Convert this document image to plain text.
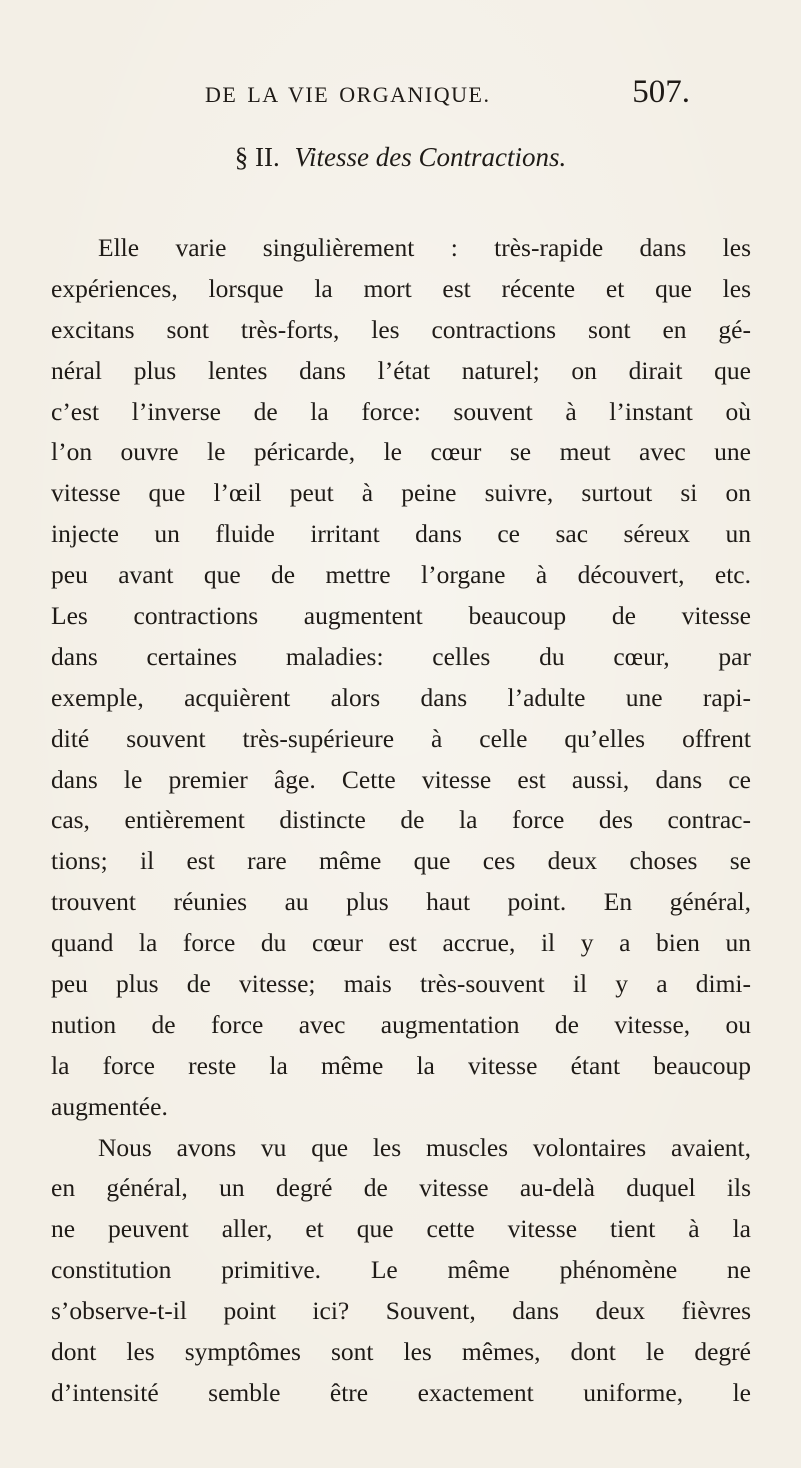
DE LA VIE ORGANIQUE.	507.
§ II. Vitesse des Contractions.
Elle varie singulièrement : très-rapide dans les
expériences, lorsque la mort est récente et que les
excitans sont très-forts, les contractions sont en gé-
néral plus lentes dans l’état naturel; on dirait que
c’est l’inverse de la force: souvent à l’instant où
l’on ouvre le péricarde, le cœur se meut avec une
vitesse que l’œil peut à peine suivre, surtout si on
injecte un fluide irritant dans ce sac séreux un
peu avant que de mettre l’organe à découvert, etc.
Les contractions augmentent beaucoup de vitesse
dans certaines maladies: celles du cœur, par
exemple, acquièrent alors dans l’adulte une rapi-
dité souvent très-supérieure à celle qu’elles offrent
dans le premier âge. Cette vitesse est aussi, dans ce
cas, entièrement distincte de la force des contrac-
tions; il est rare même que ces deux choses se
trouvent réunies au plus haut point. En général,
quand la force du cœur est accrue, il y a bien un
peu plus de vitesse; mais très-souvent il y a dimi-
nution de force avec augmentation de vitesse, ou
la force reste la même la vitesse étant beaucoup
augmentée.
Nous avons vu que les muscles volontaires avaient,
en général, un degré de vitesse au-delà duquel ils
ne peuvent aller, et que cette vitesse tient à la
constitution primitive. Le même phénomène ne
s’observe-t-il point ici? Souvent, dans deux fièvres
dont les symptômes sont les mêmes, dont le degré
d’intensité semble être exactement uniforme, le
